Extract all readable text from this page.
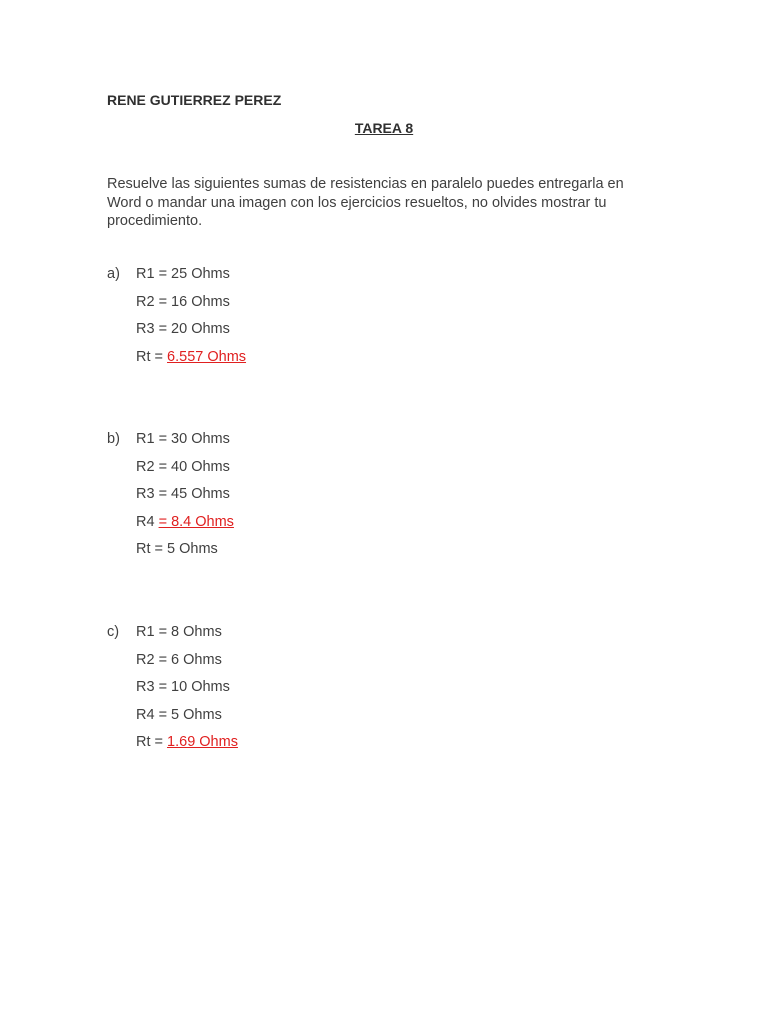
RENE GUTIERREZ PEREZ
TAREA 8
Resuelve las siguientes sumas de resistencias en paralelo puedes entregarla en Word o mandar una imagen con los ejercicios resueltos, no olvides mostrar tu procedimiento.
a) R1 = 25 Ohms
R2 = 16 Ohms
R3 = 20 Ohms
Rt = 6.557 Ohms
b) R1 = 30 Ohms
R2 = 40 Ohms
R3 = 45 Ohms
R4 = 8.4 Ohms
Rt = 5 Ohms
c) R1 = 8 Ohms
R2 = 6 Ohms
R3 = 10 Ohms
R4 = 5 Ohms
Rt = 1.69 Ohms
